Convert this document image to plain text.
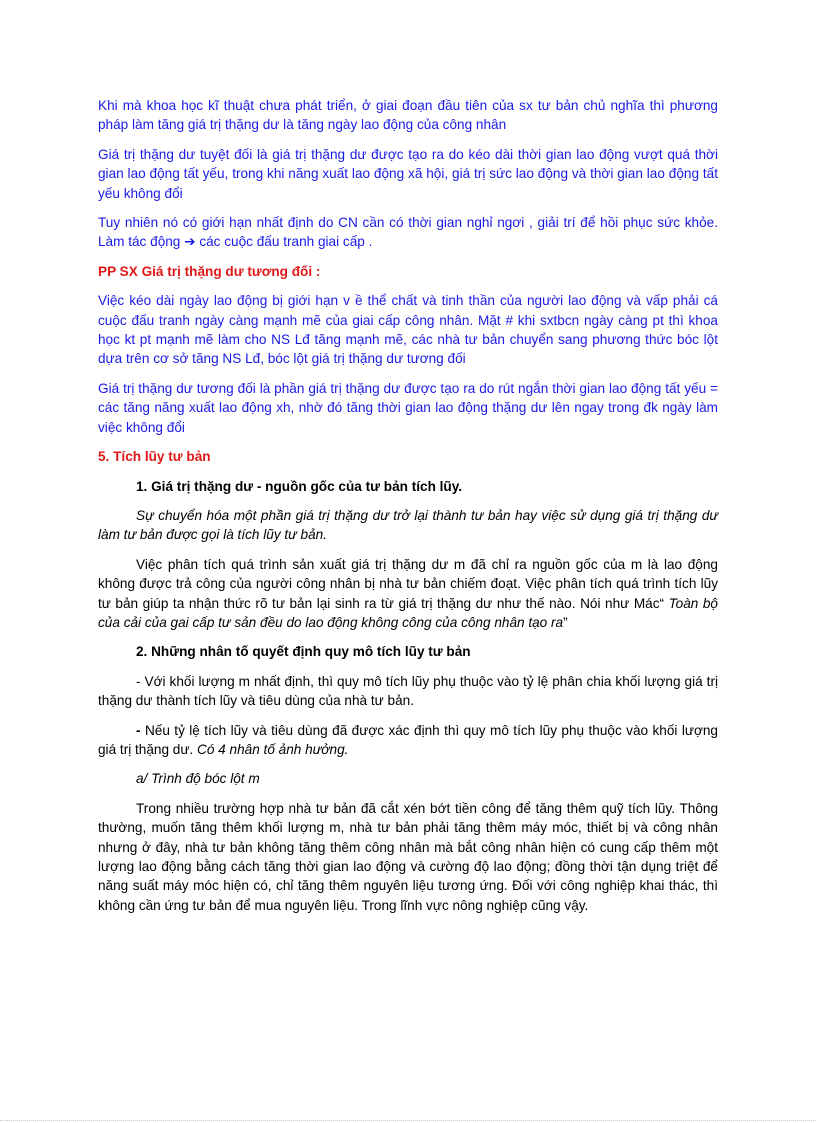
Khi mà khoa học kĩ thuật chưa phát triển, ở giai đoạn đầu tiên của sx tư bản chủ nghĩa thì phương pháp làm tăng giá trị thặng dư là tăng ngày lao động của công nhân

Giá trị thặng dư tuyệt đối là giá trị thặng dư được tạo ra do kéo dài thời gian lao động vượt quá thời gian lao động tất yếu, trong khi năng xuất lao động xã hội, giá trị sức lao động và thời gian lao động tất yếu không đổi

Tuy nhiên nó có giới hạn nhất định do CN cần có thời gian nghỉ ngơi , giải trí để hồi phục sức khỏe. Làm tác động ➔ các cuộc đấu tranh giai cấp .

PP SX Giá trị thặng dư tương đối :

Việc kéo dài ngày lao động bị giới hạn v ề thể chất và tinh thần của người lao động và vấp phải cá cuộc đấu tranh ngày càng mạnh mẽ của giai cấp công nhân. Mặt # khi sxtbcn ngày càng pt thì khoa học kt pt mạnh mẽ làm cho NS Lđ tăng mạnh mẽ, các nhà tư bản chuyển sang phương thức bóc lột dựa trên cơ sở tăng NS Lđ, bóc lột giá trị thặng dư tương đối

Giá trị thặng dư tương đối là phần giá trị thặng dư được tạo ra do rút ngắn thời gian lao động tất yếu = các tăng năng xuất lao động xh, nhờ đó tăng thời gian lao động thặng dư lên ngay trong đk ngày làm việc không đổi

5. Tích lũy tư bản

1. Giá trị thặng dư - nguồn gốc của tư bản tích lũy.

Sự chuyển hóa một phần giá trị thặng dư trở lại thành tư bản hay việc sử dụng giá trị thặng dư làm tư bản được gọi là tích lũy tư bản.

Việc phân tích quá trình sản xuất giá trị thặng dư m đã chỉ ra nguồn gốc của m là lao động không được trả công của người công nhân bị nhà tư bản chiếm đoạt. Việc phân tích quá trình tích lũy tư bản giúp ta nhận thức rõ tư bản lại sinh ra từ giá trị thặng dư như thế nào. Nói như Mác“ Toàn bộ của cải của gai cấp tư sản đều do lao động không công của công nhân tạo ra”

2. Những nhân tố quyết định quy mô tích lũy tư bản

- Với khối lượng m nhất định, thì quy mô tích lũy phụ thuộc vào tỷ lệ phân chia khối lượng giá trị thặng dư thành tích lũy và tiêu dùng của nhà tư bản.

- Nếu tỷ lệ tích lũy và tiêu dùng đã được xác định thì quy mô tích lũy phụ thuộc vào khối lượng giá trị thặng dư. Có 4 nhân tố ảnh hưởng.

a/ Trình độ bóc lột m

Trong nhiều trường hợp nhà tư bản đã cắt xén bớt tiền công để tăng thêm quỹ tích lũy. Thông thường, muốn tăng thêm khối lượng m, nhà tư bản phải tăng thêm máy móc, thiết bị và công nhân nhưng ở đây, nhà tư bản không tăng thêm công nhân mà bắt công nhân hiện có cung cấp thêm một lượng lao động bằng cách tăng thời gian lao động và cường độ lao động; đồng thời tận dụng triệt để năng suất máy móc hiện có, chỉ tăng thêm nguyên liệu tương ứng. Đối với công nghiệp khai thác, thì không cần ứng tư bản để mua nguyên liệu. Trong lĩnh vực nông nghiệp cũng vậy.
